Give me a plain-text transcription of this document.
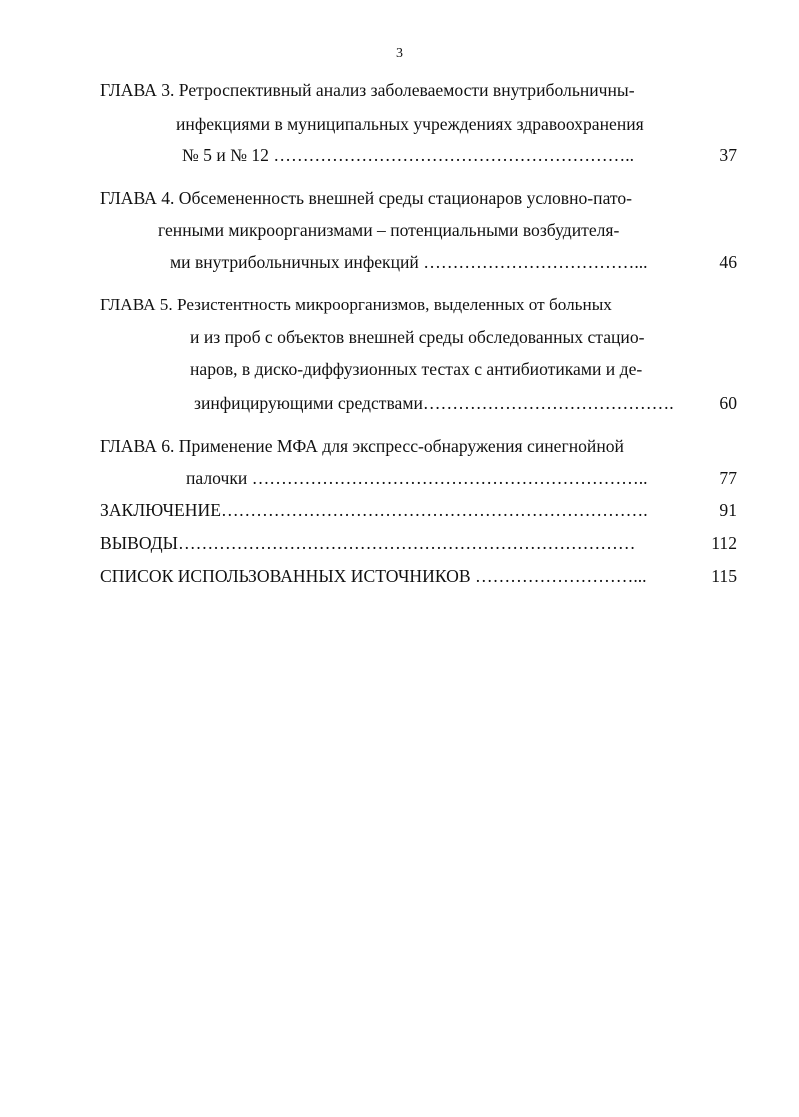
3
ГЛАВА 3. Ретроспективный анализ заболеваемости внутрибольничны-
инфекциями в муниципальных учреждениях здравоохранения
№ 5 и № 12 ……………………………………………………..	37
ГЛАВА 4. Обсемененность внешней среды стационаров условно-пато-
генными микроорганизмами – потенциальными возбудителя-
ми внутрибольничных инфекций ………………………………...	46
ГЛАВА 5. Резистентность микроорганизмов, выделенных от больных
и из проб с объектов внешней среды обследованных стацио-
наров, в диско-диффузионных тестах с антибиотиками и де-
зинфицирующими средствами…………………………………….	60
ГЛАВА 6. Применение МФА для экспресс-обнаружения синегнойной
палочки …………………………………………………………..	77
ЗАКЛЮЧЕНИЕ……………………………………………………………….	91
ВЫВОДЫ……………………………………………………………………	112
СПИСОК ИСПОЛЬЗОВАННЫХ ИСТОЧНИКОВ ………………………...	115
